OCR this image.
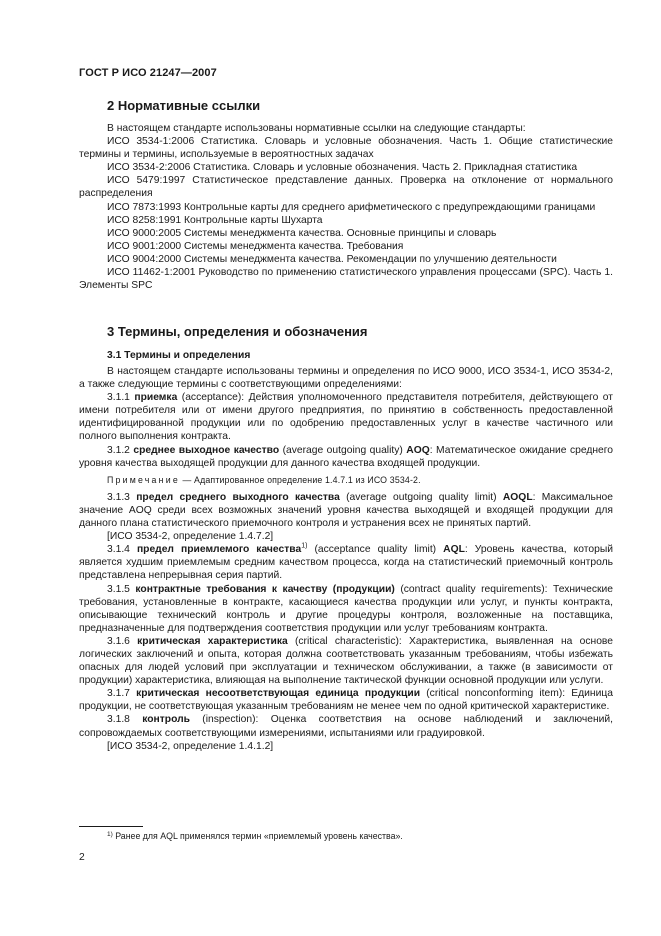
ГОСТ Р ИСО 21247—2007
2 Нормативные ссылки

В настоящем стандарте использованы нормативные ссылки на следующие стандарты:

ИСО 3534-1:2006 Статистика. Словарь и условные обозначения. Часть 1. Общие статистические термины и термины, используемые в вероятностных задачах

ИСО 3534-2:2006 Статистика. Словарь и условные обозначения. Часть 2. Прикладная статистика

ИСО 5479:1997 Статистическое представление данных. Проверка на отклонение от нормального распределения

ИСО 7873:1993 Контрольные карты для среднего арифметического с предупреждающими границами

ИСО 8258:1991 Контрольные карты Шухарта

ИСО 9000:2005 Системы менеджмента качества. Основные принципы и словарь

ИСО 9001:2000 Системы менеджмента качества. Требования

ИСО 9004:2000 Системы менеджмента качества. Рекомендации по улучшению деятельности

ИСО 11462-1:2001 Руководство по применению статистического управления процессами (SPC). Часть 1. Элементы SPC

3 Термины, определения и обозначения
3.1 Термины и определения

В настоящем стандарте использованы термины и определения по ИСО 9000, ИСО 3534-1, ИСО 3534-2, а также следующие термины с соответствующими определениями:

3.1.1 приемка (acceptance): Действия уполномоченного представителя потребителя, действующего от имени потребителя или от имени другого предприятия, по принятию в собственность предоставленной идентифицированной продукции или по одобрению предоставленных услуг в качестве частичного или полного выполнения контракта.

3.1.2 среднее выходное качество (average outgoing quality) AOQ: Математическое ожидание среднего уровня качества выходящей продукции для данного качества входящей продукции.

Примечание — Адаптированное определение 1.4.7.1 из ИСО 3534-2.

3.1.3 предел среднего выходного качества (average outgoing quality limit) AOQL: Максимальное значение AOQ среди всех возможных значений уровня качества выходящей и входящей продукции для данного плана статистического приемочного контроля и устранения всех не принятых партий.

[ИСО 3534-2, определение 1.4.7.2]

3.1.4 предел приемлемого качества$^{1)}$ (acceptance quality limit) AQL: Уровень качества, который является худшим приемлемым средним качеством процесса, когда на статистический приемочный контроль представлена непрерывная серия партий.

3.1.5 контрактные требования к качеству (продукции) (contract quality requirements): Технические требования, установленные в контракте, касающиеся качества продукции или услуг, и пункты контракта, описывающие технический контроль и другие процедуры контроля, возложенные на поставщика, предназначенные для подтверждения соответствия продукции или услуг требованиям контракта.

3.1.6 критическая характеристика (critical characteristic): Характеристика, выявленная на основе логических заключений и опыта, которая должна соответствовать указанным требованиям, чтобы избежать опасных для людей условий при эксплуатации и техническом обслуживании, а также (в зависимости от продукции) характеристика, влияющая на выполнение тактической функции основной продукции или услуги.

3.1.7 критическая несоответствующая единица продукции (critical nonconforming item): Единица продукции, не соответствующая указанным требованиям не менее чем по одной критической характеристике.

3.1.8 контроль (inspection): Оценка соответствия на основе наблюдений и заключений, сопровождаемых соответствующими измерениями, испытаниями или градуировкой.

[ИСО 3534-2, определение 1.4.1.2]

$^{1)}$ Ранее для AQL применялся термин «приемлемый уровень качества».
2
